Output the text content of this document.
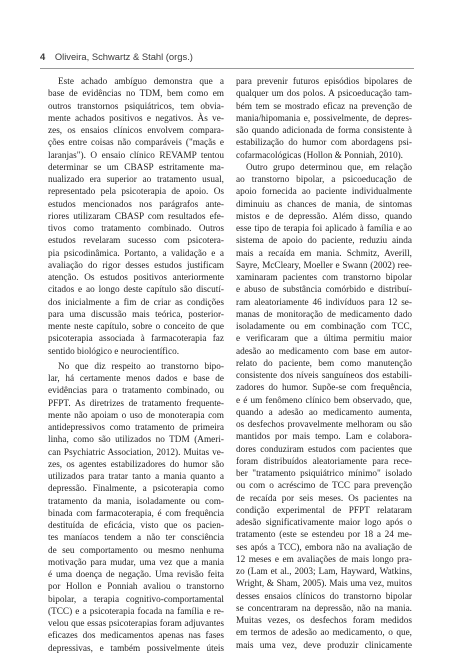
4 Oliveira, Schwartz & Stahl (orgs.)
Este achado ambíguo demonstra que a
base de evidências no TDM, bem como em
outros transtornos psiquiátricos, tem obvia-
mente achados positivos e negativos. Às ve-
zes, os ensaios clínicos envolvem compara-
ções entre coisas não comparáveis ("maçãs e
laranjas"). O ensaio clínico REVAMP tentou
determinar se um CBASP estritamente ma-
nualizado era superior ao tratamento usual,
representado pela psicoterapia de apoio. Os
estudos mencionados nos parágrafos ante-
riores utilizaram CBASP com resultados efe-
tivos como tratamento combinado. Outros
estudos revelaram sucesso com psicotera-
pia psicodinâmica. Portanto, a validação e a
avaliação do rigor desses estudos justificam
atenção. Os estudos positivos anteriormente
citados e ao longo deste capítulo são discutí-
dos inicialmente a fim de criar as condições
para uma discussão mais teórica, posterior-
mente neste capítulo, sobre o conceito de que
psicoterapia associada à farmacoterapia faz
sentido biológico e neurocientífico.
No que diz respeito ao transtorno bipo-
lar, há certamente menos dados e base de
evidências para o tratamento combinado, ou
PFPT. As diretrizes de tratamento frequente-
mente não apoiam o uso de monoterapia com
antidepressivos como tratamento de primeira
linha, como são utilizados no TDM (Ameri-
can Psychiatric Association, 2012). Muitas ve-
zes, os agentes estabilizadores do humor são
utilizados para tratar tanto a mania quanto a
depressão. Finalmente, a psicoterapia como
tratamento da mania, isoladamente ou com-
binada com farmacoterapia, é com frequência
destituída de eficácia, visto que os pacien-
tes maníacos tendem a não ter consciência
de seu comportamento ou mesmo nenhuma
motivação para mudar, uma vez que a mania
é uma doença de negação. Uma revisão feita
por Hollon e Ponniah avaliou o transtorno
bipolar, a terapia cognitivo-comportamental
(TCC) e a psicoterapia focada na família e re-
velou que essas psicoterapias foram adjuvantes
eficazes dos medicamentos apenas nas fases
depressivas, e também possivelmente úteis
para prevenir futuros episódios bipolares de
qualquer um dos polos. A psicoeducação tam-
bém tem se mostrado eficaz na prevenção de
mania/hipomania e, possivelmente, de depres-
são quando adicionada de forma consistente à
estabilização do humor com abordagens psi-
cofarmacológicas (Hollon & Ponniah, 2010).
Outro grupo determinou que, em relação
ao transtorno bipolar, a psicoeducação de
apoio fornecida ao paciente individualmente
diminuiu as chances de mania, de sintomas
mistos e de depressão. Além disso, quando
esse tipo de terapia foi aplicado à família e ao
sistema de apoio do paciente, reduziu ainda
mais a recaída em mania. Schmitz, Averill,
Sayre, McCleary, Moeller e Swann (2002) ree-
xaminaram pacientes com transtorno bipolar
e abuso de substância comórbido e distribuí-
ram aleatoriamente 46 indivíduos para 12 se-
manas de monitoração de medicamento dado
isoladamente ou em combinação com TCC,
e verificaram que a última permitiu maior
adesão ao medicamento com base em autor-
relato do paciente, bem como manutenção
consistente dos níveis sanguíneos dos estabili-
zadores do humor. Supõe-se com frequência,
e é um fenômeno clínico bem observado, que,
quando a adesão ao medicamento aumenta,
os desfechos provavelmente melhoram ou são
mantidos por mais tempo. Lam e colabora-
dores conduziram estudos com pacientes que
foram distribuídos aleatoriamente para rece-
ber "tratamento psiquiátrico mínimo" isolado
ou com o acréscimo de TCC para prevenção
de recaída por seis meses. Os pacientes na
condição experimental de PFPT relataram
adesão significativamente maior logo após o
tratamento (este se estendeu por 18 a 24 me-
ses após a TCC), embora não na avaliação de
12 meses e em avaliações de mais longo pra-
zo (Lam et al., 2003; Lam, Hayward, Watkins,
Wright, & Sham, 2005). Mais uma vez, muitos
desses ensaios clínicos do transtorno bipolar
se concentraram na depressão, não na mania.
Muitas vezes, os desfechos foram medidos
em termos de adesão ao medicamento, o que,
mais uma vez, deve produzir clinicamente
